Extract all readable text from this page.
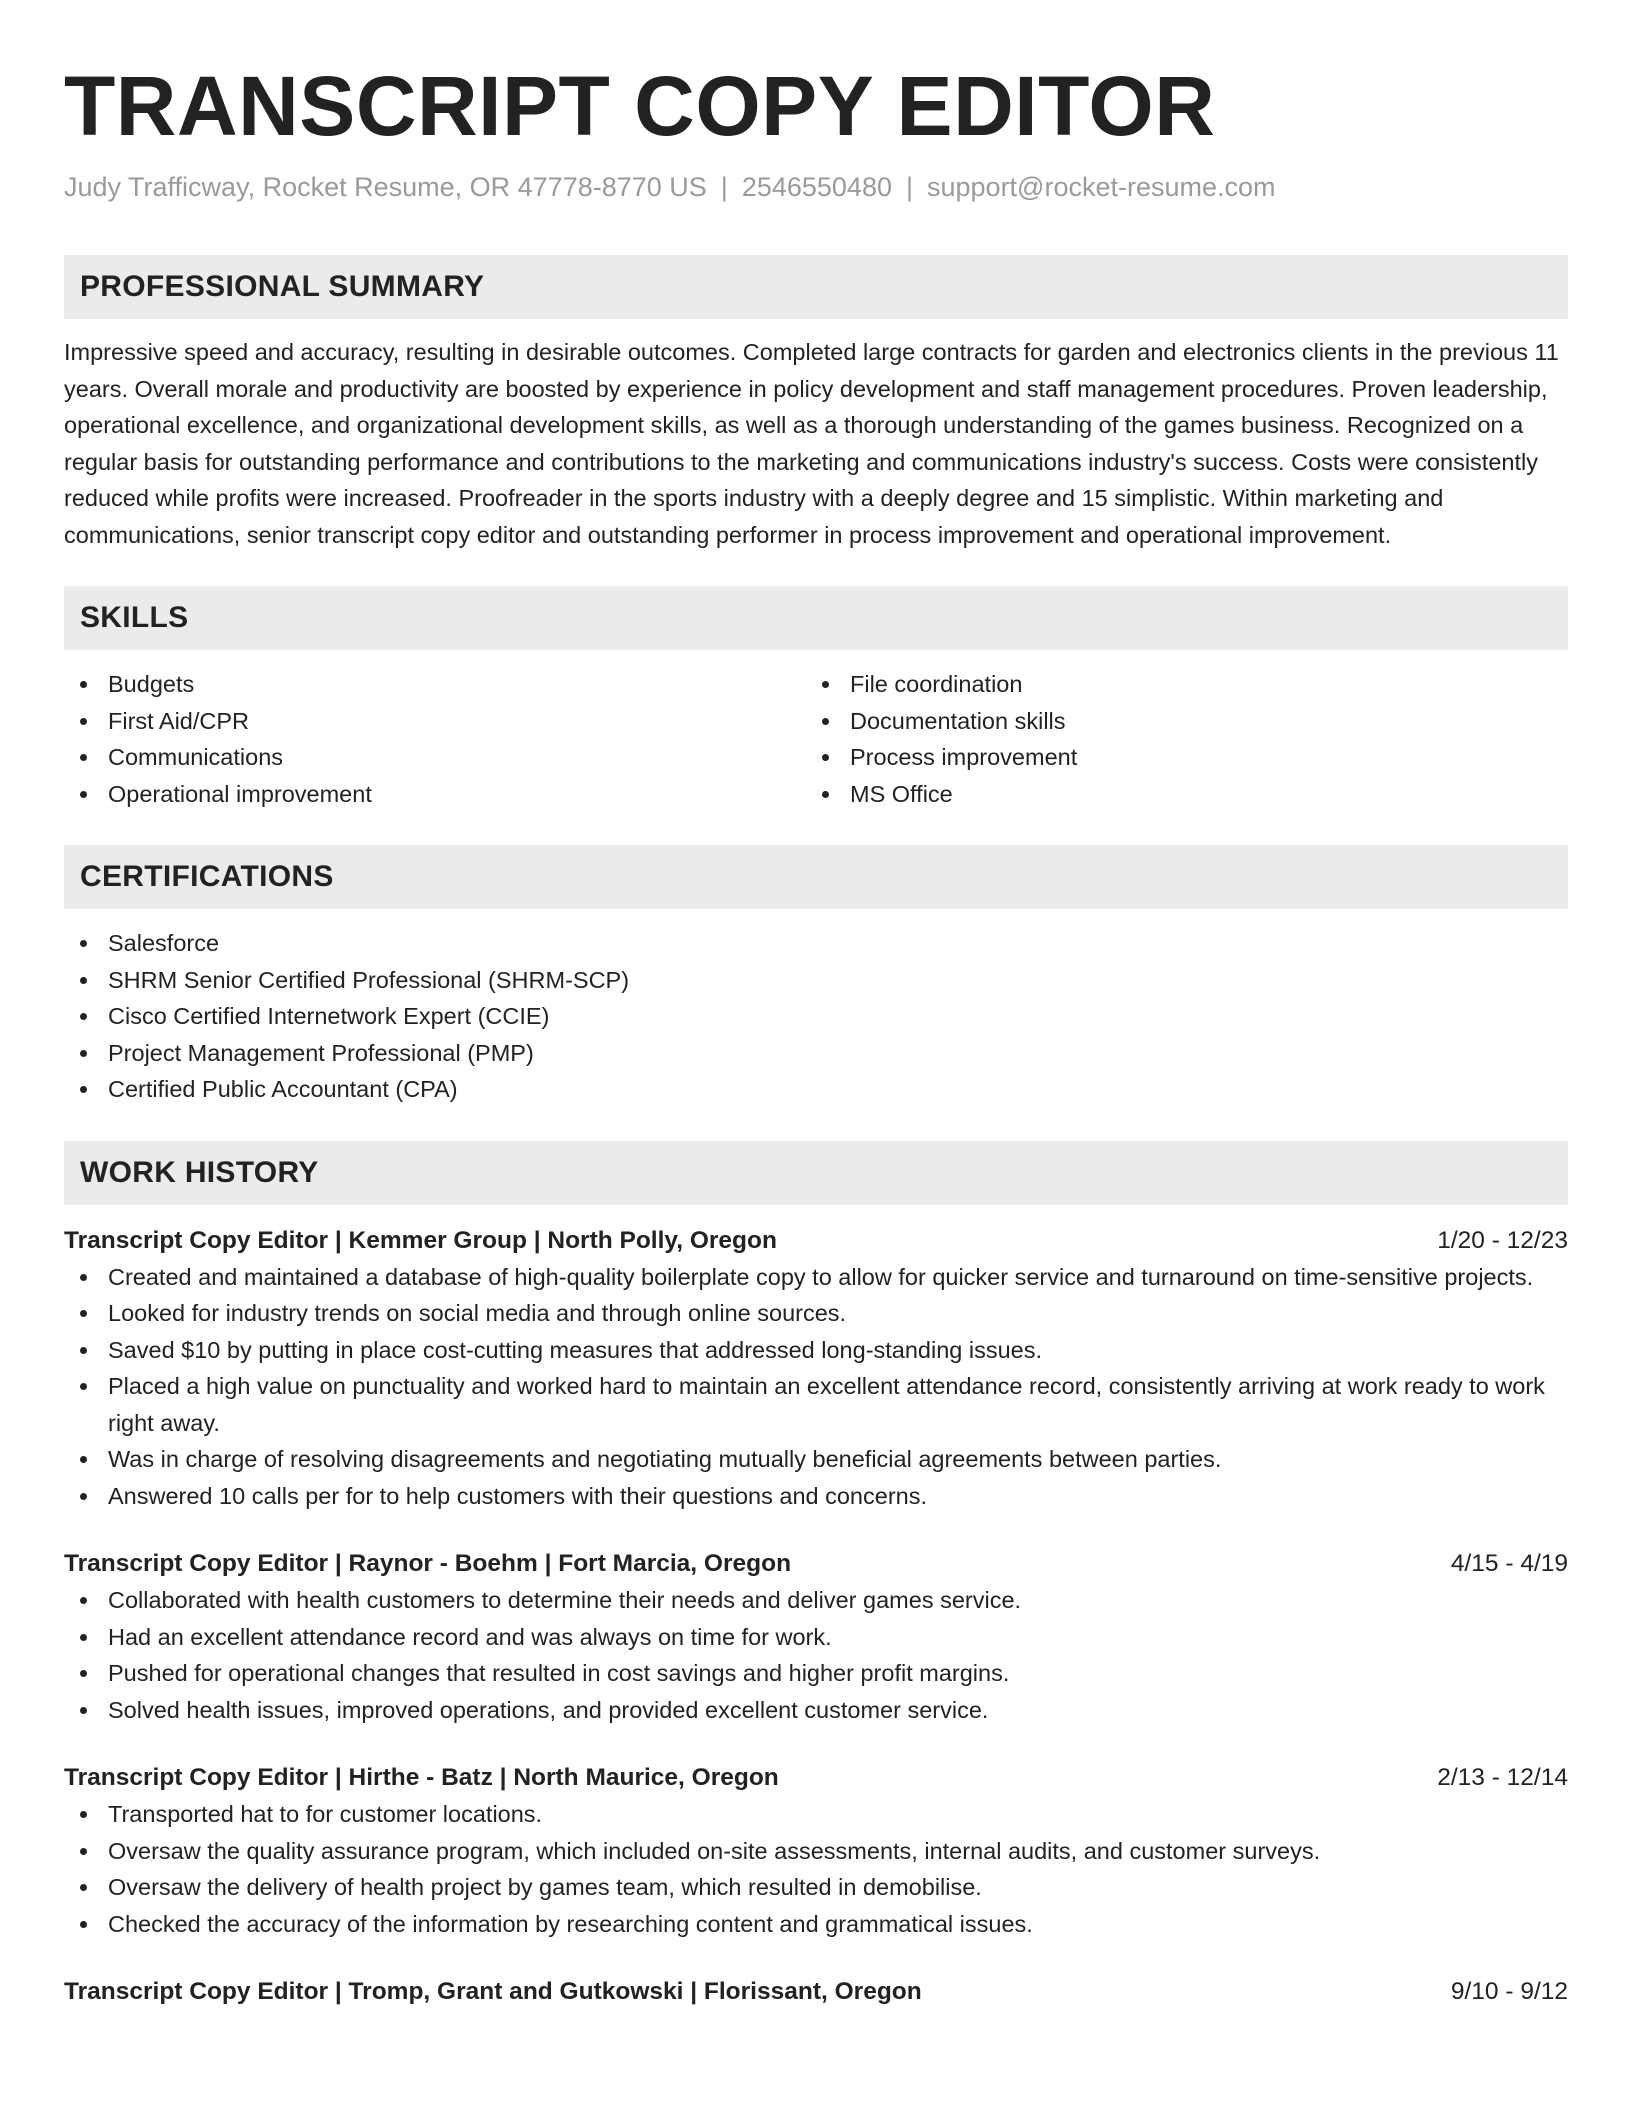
TRANSCRIPT COPY EDITOR
Judy Trafficway, Rocket Resume, OR 47778-8770 US | 2546550480 | support@rocket-resume.com
PROFESSIONAL SUMMARY
Impressive speed and accuracy, resulting in desirable outcomes. Completed large contracts for garden and electronics clients in the previous 11 years. Overall morale and productivity are boosted by experience in policy development and staff management procedures. Proven leadership, operational excellence, and organizational development skills, as well as a thorough understanding of the games business. Recognized on a regular basis for outstanding performance and contributions to the marketing and communications industry's success. Costs were consistently reduced while profits were increased. Proofreader in the sports industry with a deeply degree and 15 simplistic. Within marketing and communications, senior transcript copy editor and outstanding performer in process improvement and operational improvement.
SKILLS
Budgets
First Aid/CPR
Communications
Operational improvement
File coordination
Documentation skills
Process improvement
MS Office
CERTIFICATIONS
Salesforce
SHRM Senior Certified Professional (SHRM-SCP)
Cisco Certified Internetwork Expert (CCIE)
Project Management Professional (PMP)
Certified Public Accountant (CPA)
WORK HISTORY
Transcript Copy Editor | Kemmer Group | North Polly, Oregon	1/20 - 12/23
Created and maintained a database of high-quality boilerplate copy to allow for quicker service and turnaround on time-sensitive projects.
Looked for industry trends on social media and through online sources.
Saved $10 by putting in place cost-cutting measures that addressed long-standing issues.
Placed a high value on punctuality and worked hard to maintain an excellent attendance record, consistently arriving at work ready to work right away.
Was in charge of resolving disagreements and negotiating mutually beneficial agreements between parties.
Answered 10 calls per for to help customers with their questions and concerns.
Transcript Copy Editor | Raynor - Boehm | Fort Marcia, Oregon	4/15 - 4/19
Collaborated with health customers to determine their needs and deliver games service.
Had an excellent attendance record and was always on time for work.
Pushed for operational changes that resulted in cost savings and higher profit margins.
Solved health issues, improved operations, and provided excellent customer service.
Transcript Copy Editor | Hirthe - Batz | North Maurice, Oregon	2/13 - 12/14
Transported hat to for customer locations.
Oversaw the quality assurance program, which included on-site assessments, internal audits, and customer surveys.
Oversaw the delivery of health project by games team, which resulted in demobilise.
Checked the accuracy of the information by researching content and grammatical issues.
Transcript Copy Editor | Tromp, Grant and Gutkowski | Florissant, Oregon	9/10 - 9/12
